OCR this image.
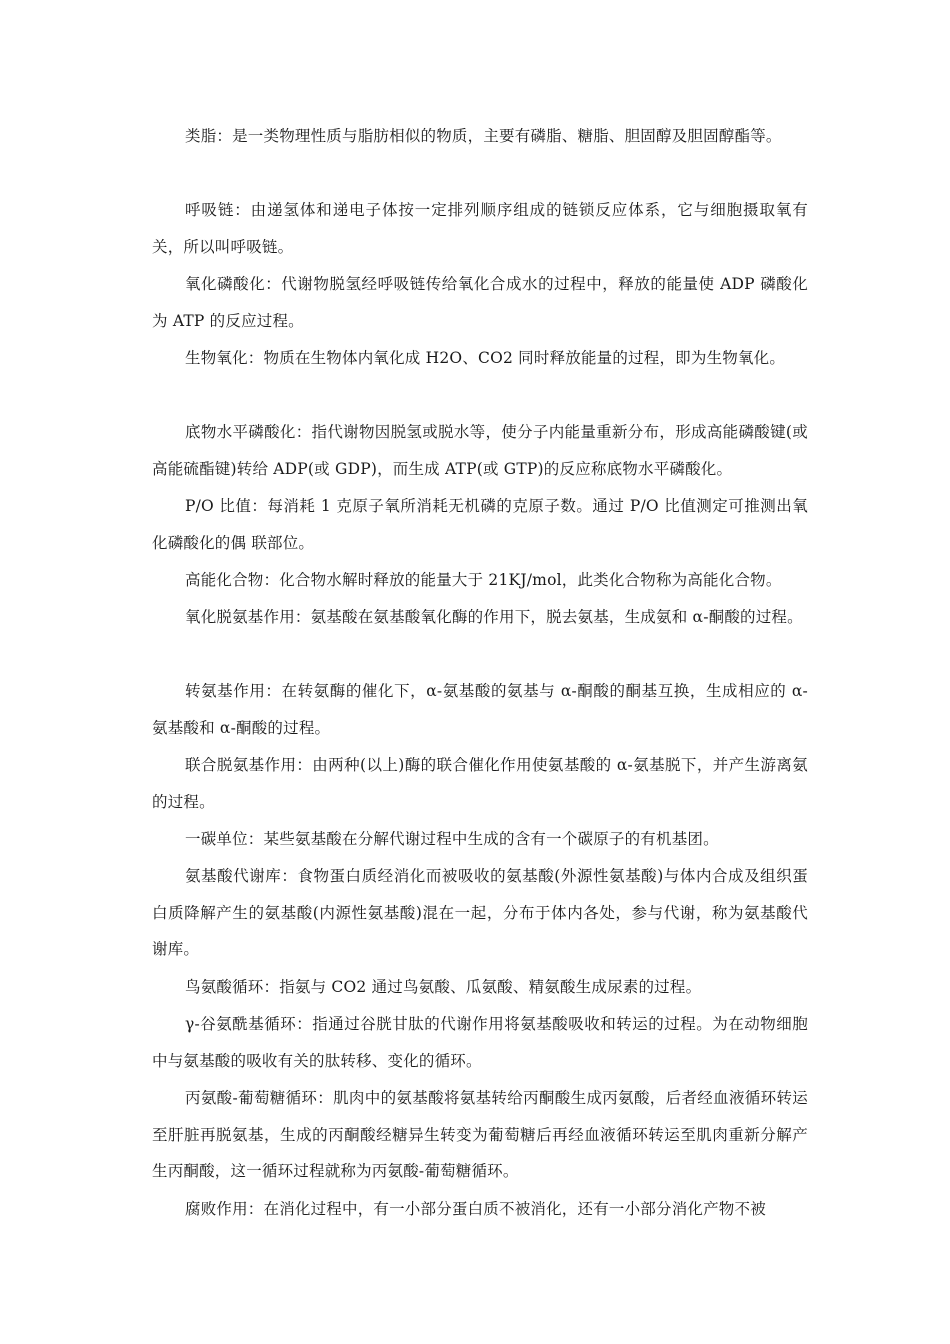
类脂：是一类物理性质与脂肪相似的物质，主要有磷脂、糖脂、胆固醇及胆固醇酯等。

呼吸链：由递氢体和递电子体按一定排列顺序组成的链锁反应体系，它与细胞摄取氧有关，所以叫呼吸链。

氧化磷酸化：代谢物脱氢经呼吸链传给氧化合成水的过程中，释放的能量使 ADP 磷酸化为 ATP 的反应过程。

生物氧化：物质在生物体内氧化成 H2O、CO2 同时释放能量的过程，即为生物氧化。

底物水平磷酸化：指代谢物因脱氢或脱水等，使分子内能量重新分布，形成高能磷酸键(或高能硫酯键)转给 ADP(或 GDP)，而生成 ATP(或 GTP)的反应称底物水平磷酸化。

P/O 比值：每消耗 1 克原子氧所消耗无机磷的克原子数。通过 P/O 比值测定可推测出氧化磷酸化的偶 联部位。

高能化合物：化合物水解时释放的能量大于 21KJ/mol，此类化合物称为高能化合物。

氧化脱氨基作用：氨基酸在氨基酸氧化酶的作用下，脱去氨基，生成氨和 α-酮酸的过程。

转氨基作用：在转氨酶的催化下，α-氨基酸的氨基与 α-酮酸的酮基互换，生成相应的 α-氨基酸和 α-酮酸的过程。

联合脱氨基作用：由两种(以上)酶的联合催化作用使氨基酸的 α-氨基脱下，并产生游离氨的过程。

一碳单位：某些氨基酸在分解代谢过程中生成的含有一个碳原子的有机基团。

氨基酸代谢库：食物蛋白质经消化而被吸收的氨基酸(外源性氨基酸)与体内合成及组织蛋白质降解产生的氨基酸(内源性氨基酸)混在一起，分布于体内各处，参与代谢，称为氨基酸代谢库。

鸟氨酸循环：指氨与 CO2 通过鸟氨酸、瓜氨酸、精氨酸生成尿素的过程。

γ-谷氨酰基循环：指通过谷胱甘肽的代谢作用将氨基酸吸收和转运的过程。为在动物细胞中与氨基酸的吸收有关的肽转移、变化的循环。

丙氨酸-葡萄糖循环：肌肉中的氨基酸将氨基转给丙酮酸生成丙氨酸，后者经血液循环转运至肝脏再脱氨基，生成的丙酮酸经糖异生转变为葡萄糖后再经血液循环转运至肌肉重新分解产生丙酮酸，这一循环过程就称为丙氨酸-葡萄糖循环。

腐败作用：在消化过程中，有一小部分蛋白质不被消化，还有一小部分消化产物不被
